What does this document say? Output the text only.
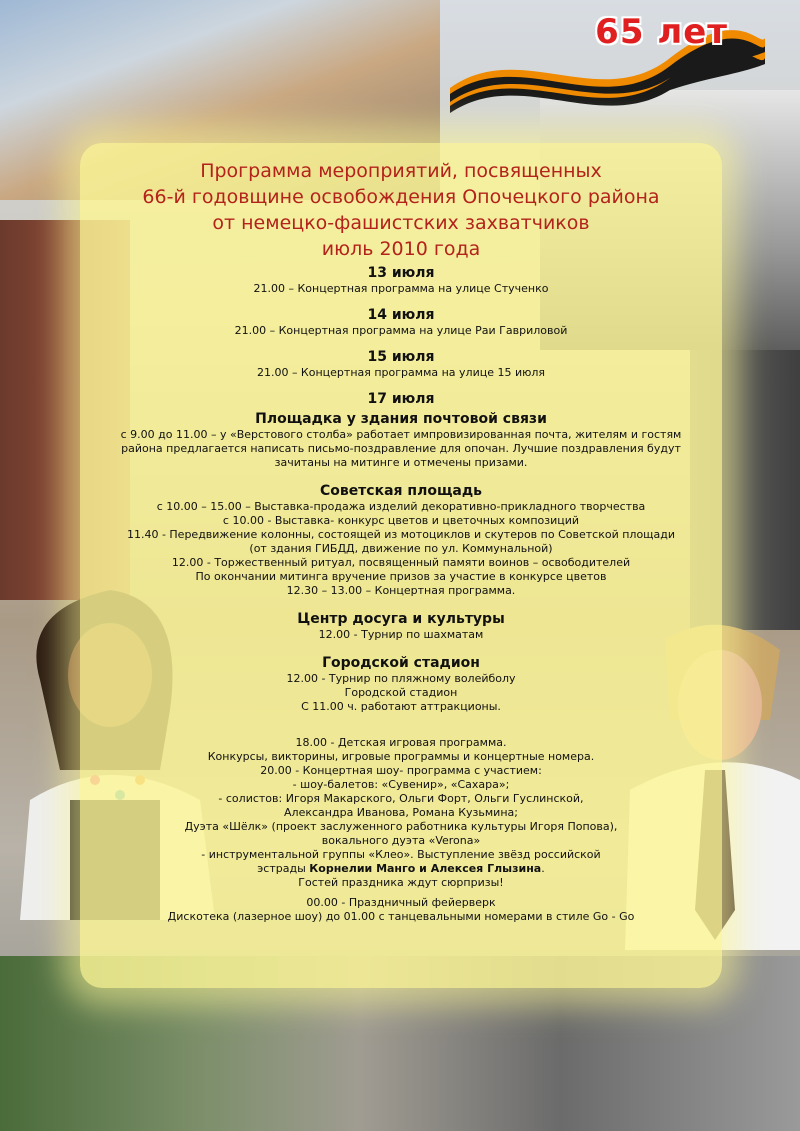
65 лет
Программа мероприятий, посвященных
66-й годовщине освобождения Опочецкого района
от немецко-фашистских захватчиков
июль 2010 года
13 июля
21.00 – Концертная программа на улице Стученко
14 июля
21.00 – Концертная программа на улице Раи Гавриловой
15 июля
21.00 – Концертная программа на улице 15 июля
17 июля
Площадка у здания почтовой связи
с 9.00 до 11.00 – у «Верстового столба» работает импровизированная почта, жителям и гостям
района предлагается написать письмо-поздравление для опочан. Лучшие поздравления будут
зачитаны на митинге и отмечены призами.
Советская площадь
с 10.00 – 15.00 – Выставка-продажа изделий декоративно-прикладного творчества
с 10.00 - Выставка- конкурс цветов и цветочных композиций
11.40 - Передвижение колонны, состоящей из мотоциклов и скутеров по Советской площади
(от здания ГИБДД, движение по ул. Коммунальной)
12.00 - Торжественный ритуал, посвященный памяти воинов – освободителей
По окончании митинга вручение призов за участие в конкурсе цветов
12.30 – 13.00 – Концертная программа.
Центр досуга и культуры
12.00 - Турнир по шахматам
Городской стадион
12.00 - Турнир по пляжному волейболу
Городской стадион
С 11.00 ч. работают аттракционы.
18.00 - Детская игровая программа.
Конкурсы, викторины, игровые программы и концертные номера.
20.00 - Концертная шоу- программа с участием:
- шоу-балетов: «Сувенир», «Сахара»;
- солистов: Игоря Макарского, Ольги Форт, Ольги Гуслинской,
Александра Иванова, Романа Кузьмина;
Дуэта «Шёлк» (проект заслуженного работника культуры Игоря Попова),
вокального дуэта «Verona»
- инструментальной группы «Клео». Выступление звёзд российской
эстрады Корнелии Манго и Алексея Глызина.
Гостей праздника ждут сюрпризы!
00.00 - Праздничный фейерверк
Дискотека (лазерное шоу) до 01.00 с танцевальными номерами в стиле Go - Go
